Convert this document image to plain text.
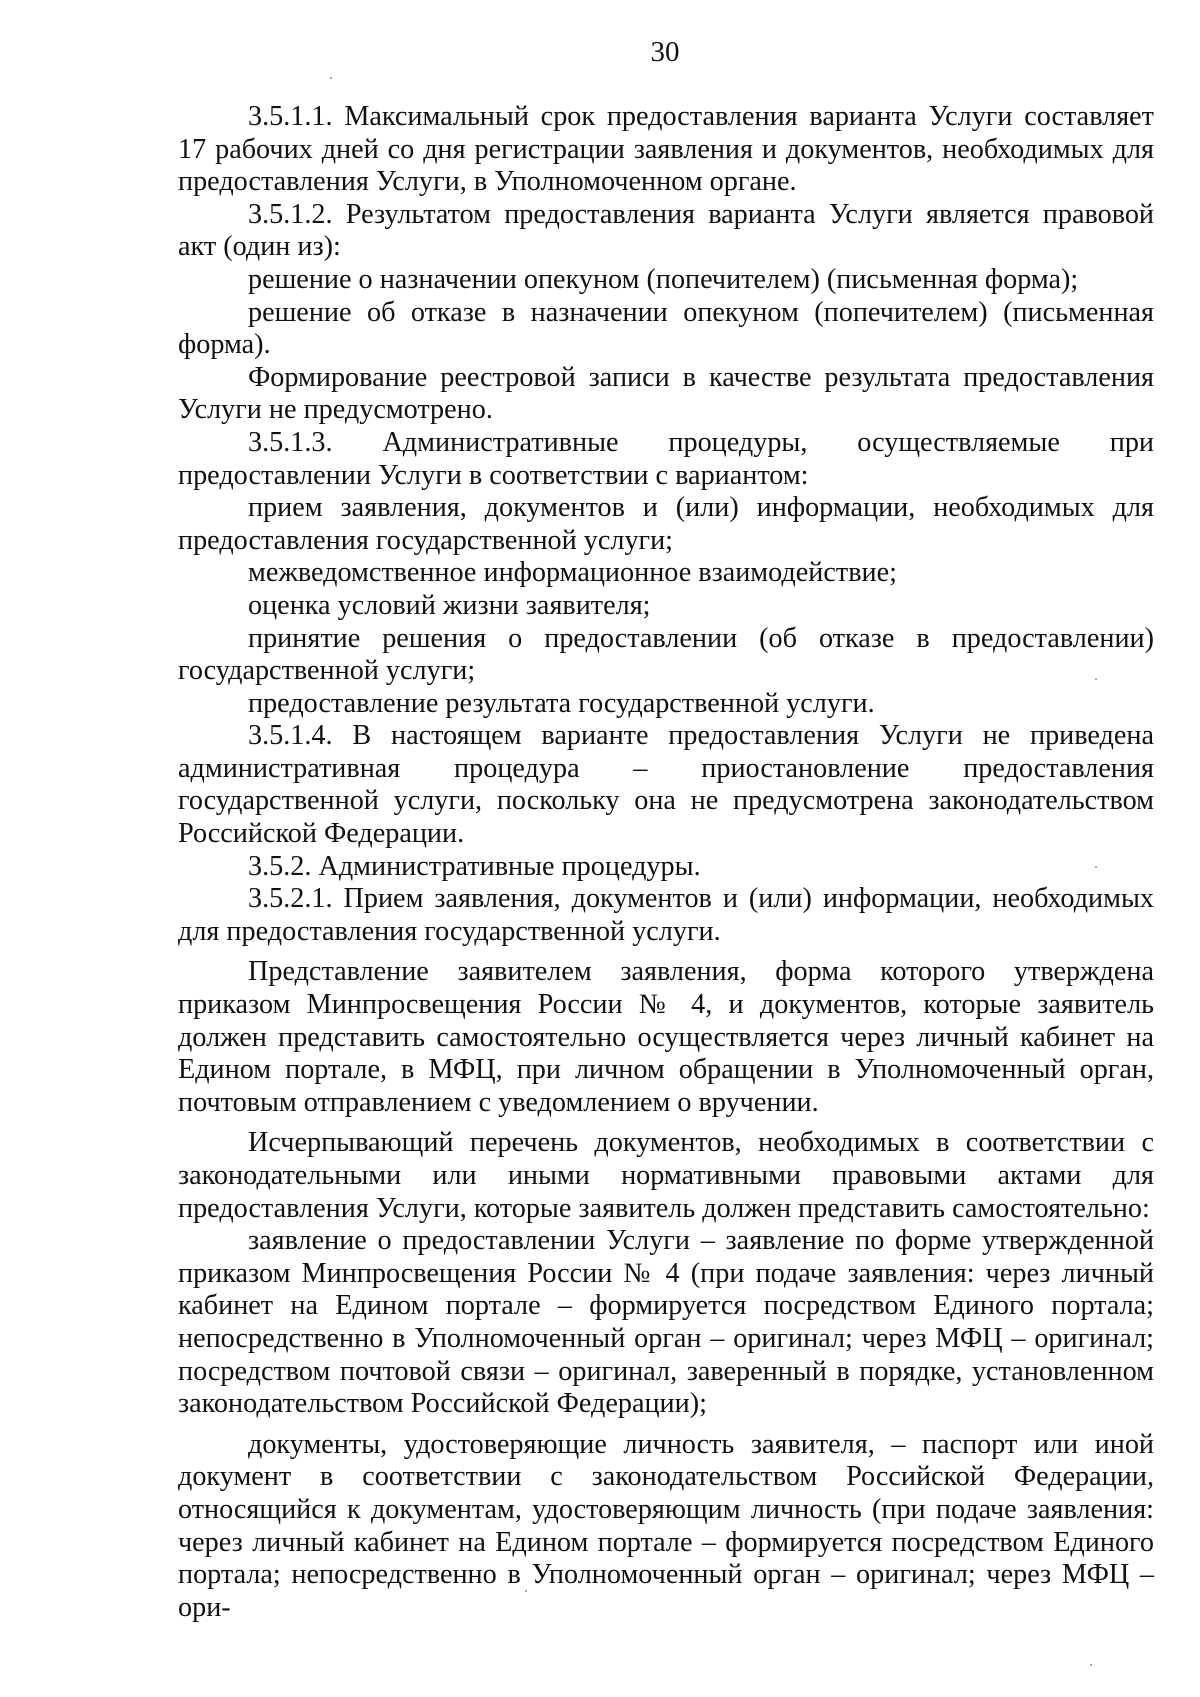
30

3.5.1.1. Максимальный срок предоставления варианта Услуги составляет 17 рабочих дней со дня регистрации заявления и документов, необходимых для предоставления Услуги, в Уполномоченном органе.

3.5.1.2. Результатом предоставления варианта Услуги является правовой акт (один из):

решение о назначении опекуном (попечителем) (письменная форма);

решение об отказе в назначении опекуном (попечителем) (письменная форма).

Формирование реестровой записи в качестве результата предоставления Услуги не предусмотрено.

3.5.1.3. Административные процедуры, осуществляемые при предоставлении Услуги в соответствии с вариантом:

прием заявления, документов и (или) информации, необходимых для предоставления государственной услуги;

межведомственное информационное взаимодействие;

оценка условий жизни заявителя;

принятие решения о предоставлении (об отказе в предоставлении) государственной услуги;

предоставление результата государственной услуги.

3.5.1.4. В настоящем варианте предоставления Услуги не приведена административная процедура – приостановление предоставления государственной услуги, поскольку она не предусмотрена законодательством Российской Федерации.

3.5.2. Административные процедуры.

3.5.2.1. Прием заявления, документов и (или) информации, необходимых для предоставления государственной услуги.

Представление заявителем заявления, форма которого утверждена приказом Минпросвещения России № 4, и документов, которые заявитель должен представить самостоятельно осуществляется через личный кабинет на Едином портале, в МФЦ, при личном обращении в Уполномоченный орган, почтовым отправлением с уведомлением о вручении.

Исчерпывающий перечень документов, необходимых в соответствии с законодательными или иными нормативными правовыми актами для предоставления Услуги, которые заявитель должен представить самостоятельно:

заявление о предоставлении Услуги – заявление по форме утвержденной приказом Минпросвещения России № 4 (при подаче заявления: через личный кабинет на Едином портале – формируется посредством Единого портала; непосредственно в Уполномоченный орган – оригинал; через МФЦ – оригинал; посредством почтовой связи – оригинал, заверенный в порядке, установленном законодательством Российской Федерации);

документы, удостоверяющие личность заявителя, – паспорт или иной документ в соответствии с законодательством Российской Федерации, относящийся к документам, удостоверяющим личность (при подаче заявления: через личный кабинет на Едином портале – формируется посредством Единого портала; непосредственно в Уполномоченный орган – оригинал; через МФЦ – ори-
